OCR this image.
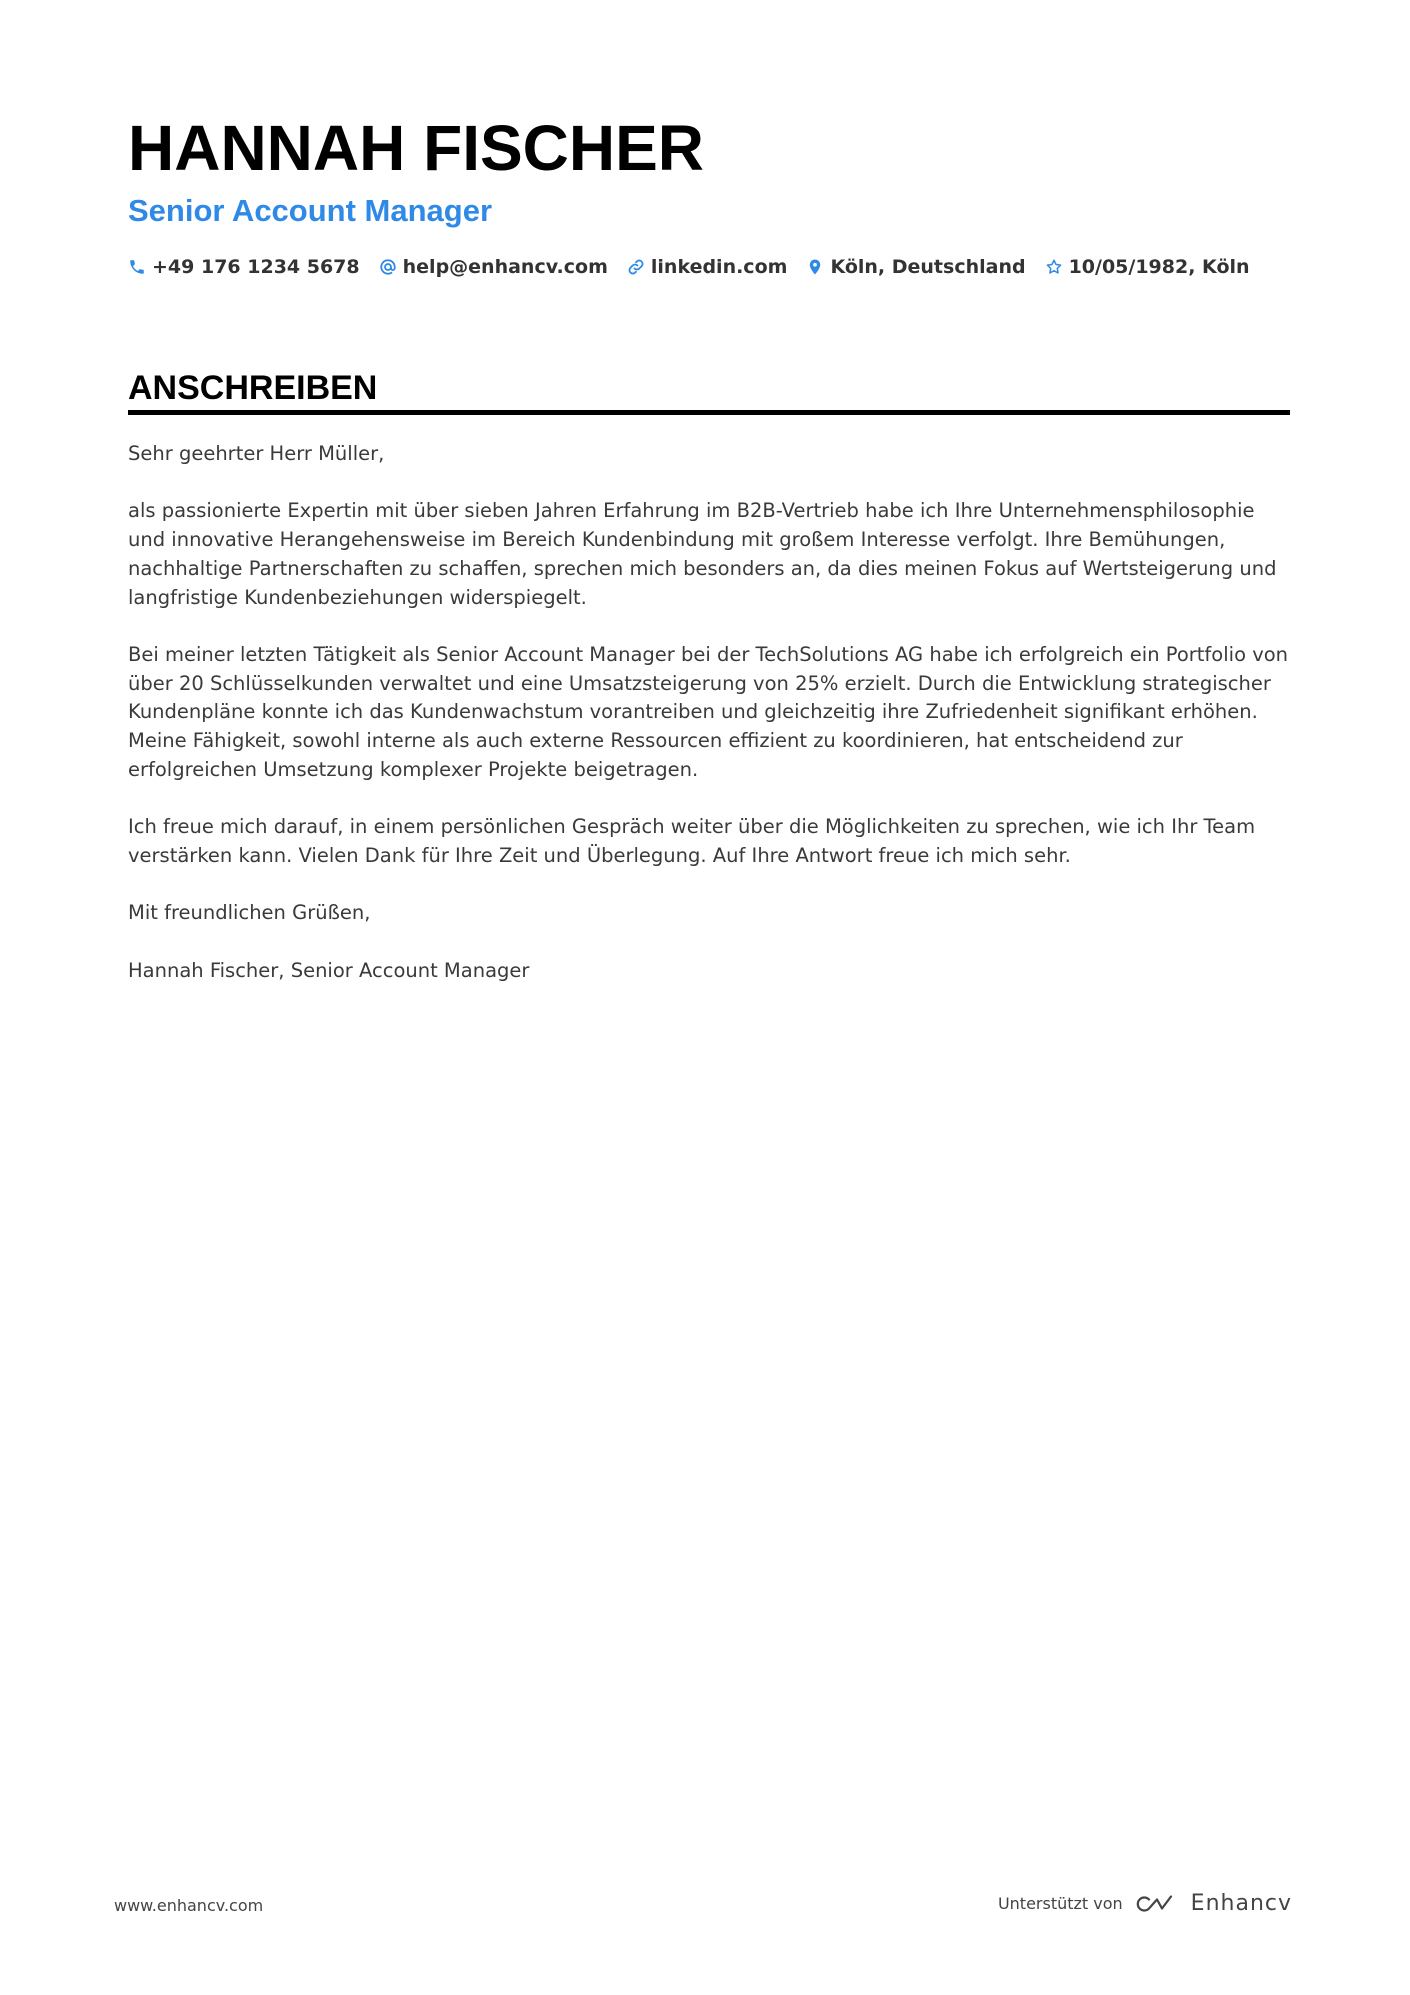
HANNAH FISCHER
Senior Account Manager
+49 176 1234 5678 help@enhancv.com linkedin.com Köln, Deutschland 10/05/1982, Köln
ANSCHREIBEN

Sehr geehrter Herr Müller,

als passionierte Expertin mit über sieben Jahren Erfahrung im B2B-Vertrieb habe ich Ihre Unternehmensphilosophie und innovative Herangehensweise im Bereich Kundenbindung mit großem Interesse verfolgt. Ihre Bemühungen, nachhaltige Partnerschaften zu schaffen, sprechen mich besonders an, da dies meinen Fokus auf Wertsteigerung und langfristige Kundenbeziehungen widerspiegelt.

Bei meiner letzten Tätigkeit als Senior Account Manager bei der TechSolutions AG habe ich erfolgreich ein Portfolio von über 20 Schlüsselkunden verwaltet und eine Umsatzsteigerung von 25% erzielt. Durch die Entwicklung strategischer Kundenpläne konnte ich das Kundenwachstum vorantreiben und gleichzeitig ihre Zufriedenheit signifikant erhöhen. Meine Fähigkeit, sowohl interne als auch externe Ressourcen effizient zu koordinieren, hat entscheidend zur erfolgreichen Umsetzung komplexer Projekte beigetragen.

Ich freue mich darauf, in einem persönlichen Gespräch weiter über die Möglichkeiten zu sprechen, wie ich Ihr Team verstärken kann. Vielen Dank für Ihre Zeit und Überlegung. Auf Ihre Antwort freue ich mich sehr.

Mit freundlichen Grüßen,

Hannah Fischer, Senior Account Manager

www.enhancv.com	Unterstützt von	Enhancv
